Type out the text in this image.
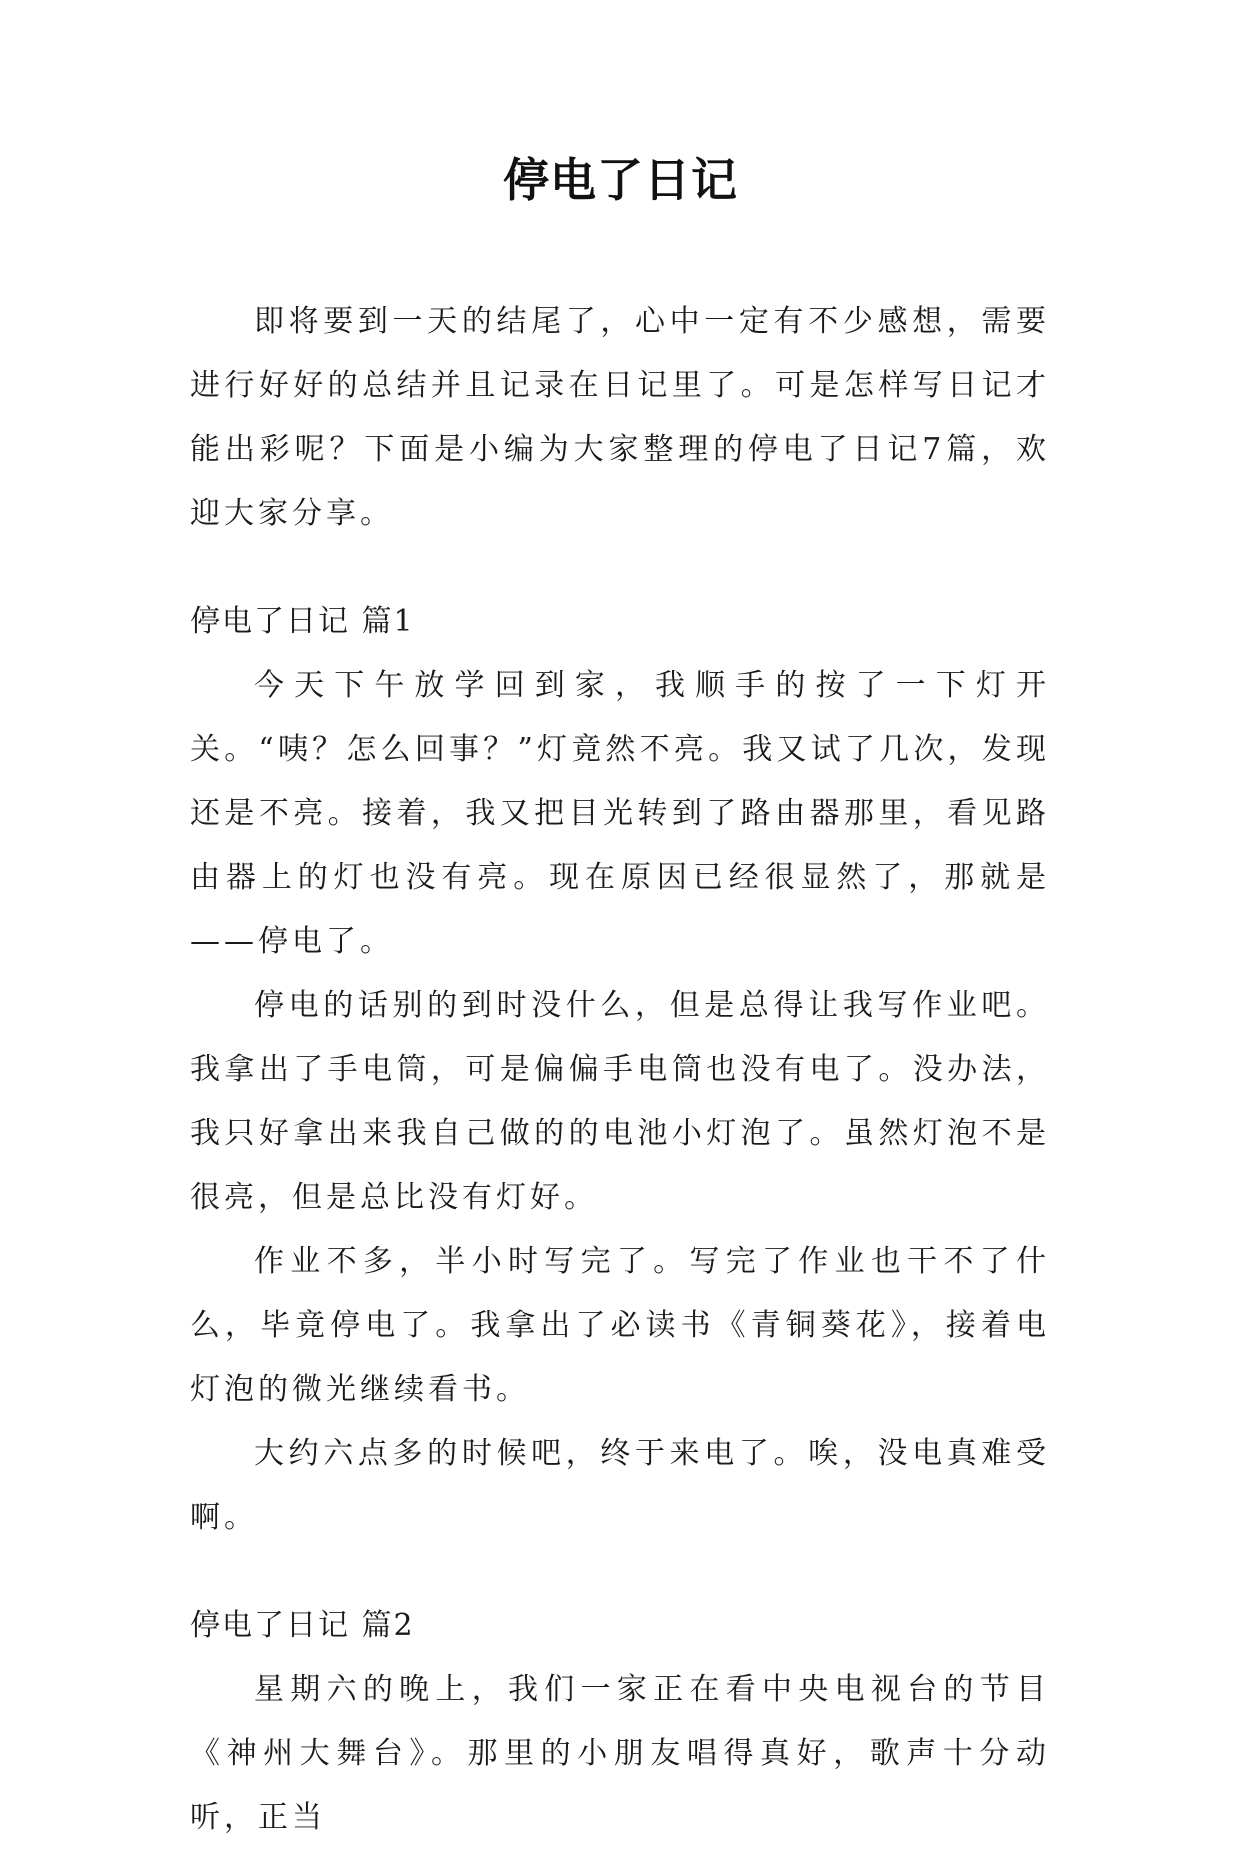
停电了日记

即将要到一天的结尾了，心中一定有不少感想，需要进行好好的总结并且记录在日记里了。可是怎样写日记才能出彩呢？下面是小编为大家整理的停电了日记7篇，欢迎大家分享。

停电了日记 篇1

今天下午放学回到家，我顺手的按了一下灯开关。“咦？怎么回事？”灯竟然不亮。我又试了几次，发现还是不亮。接着，我又把目光转到了路由器那里，看见路由器上的灯也没有亮。现在原因已经很显然了，那就是——停电了。

停电的话别的到时没什么，但是总得让我写作业吧。我拿出了手电筒，可是偏偏手电筒也没有电了。没办法，我只好拿出来我自己做的的电池小灯泡了。虽然灯泡不是很亮，但是总比没有灯好。

作业不多，半小时写完了。写完了作业也干不了什么，毕竟停电了。我拿出了必读书《青铜葵花》，接着电灯泡的微光继续看书。

大约六点多的时候吧，终于来电了。唉，没电真难受啊。

停电了日记 篇2

星期六的晚上，我们一家正在看中央电视台的节目《神州大舞台》。那里的小朋友唱得真好，歌声十分动听，正当
